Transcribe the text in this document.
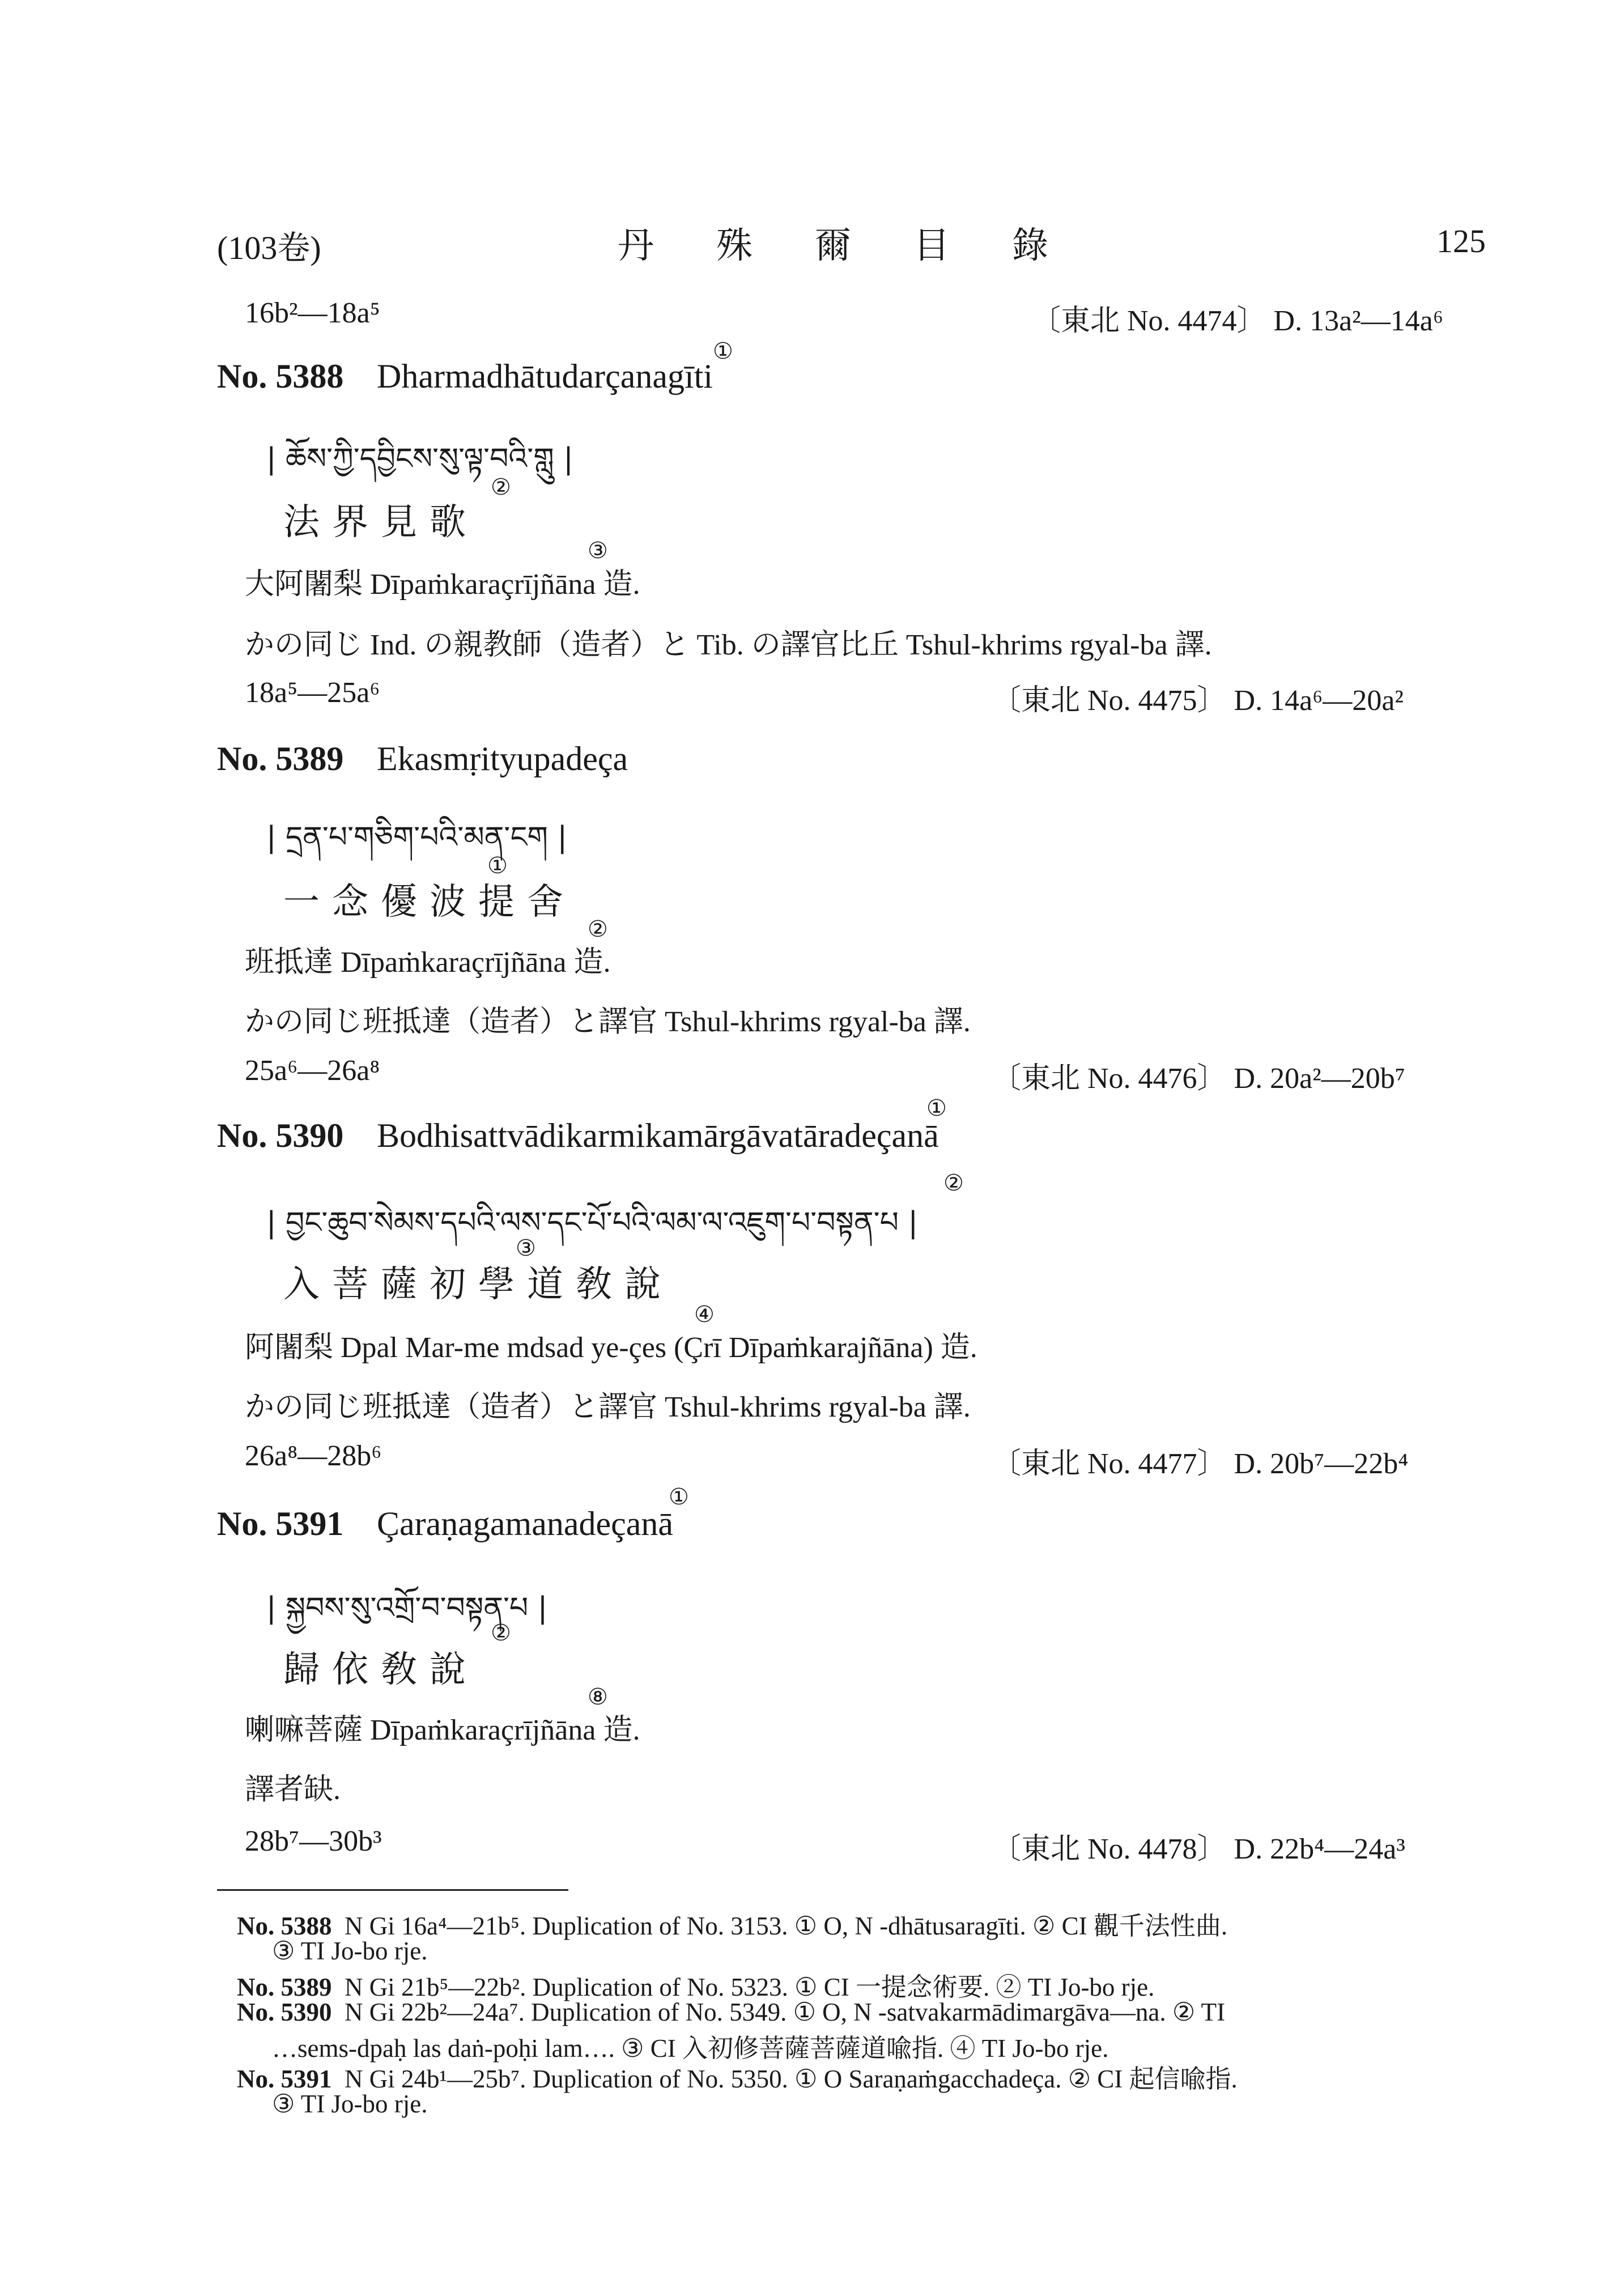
(103卷)	丹殊爾目錄	125
16b²—18a⁵	〔東北 No. 4474〕 D. 13a²—14a⁶
No. 5388 Dharmadhātudarçanagīti
①
| ཆོས་ཀྱི་དབྱིངས་སུ་ལྟ་བའི་གླུ |
法界見歌
②
大阿闍梨 Dīpaṁkaraçrījñāna 造.
③
かの同じ Ind. の親教師（造者）と Tib. の譯官比丘 Tshul-khrims rgyal-ba 譯.
18a⁵—25a⁶	〔東北 No. 4475〕 D. 14a⁶—20a²
No. 5389 Ekasmṛityupadeça
| དྲན་པ་གཅིག་པའི་མན་ངག |
一念優波提舍
①
班抵達 Dīpaṁkaraçrījñāna 造.
②
かの同じ班抵達（造者）と譯官 Tshul-khrims rgyal-ba 譯.
25a⁶—26a⁸	〔東北 No. 4476〕 D. 20a²—20b⁷
No. 5390 Bodhisattvādikarmikamārgāvatāradeçanā
①
| བྱང་ཆུབ་སེམས་དཔའི་ལས་དང་པོ་པའི་ལམ་ལ་འཇུག་པ་བསྟན་པ |
②
入菩薩初學道敎說
③
阿闍梨 Dpal Mar-me mdsad ye-çes (Çrī Dīpaṁkarajñāna) 造.
④
かの同じ班抵達（造者）と譯官 Tshul-khrims rgyal-ba 譯.
26a⁸—28b⁶	〔東北 No. 4477〕 D. 20b⁷—22b⁴
No. 5391 Çaraṇagamanadeçanā
①
| སྐྱབས་སུ་འགྲོ་བ་བསྟན་པ |
歸依敎說
②
喇嘛菩薩 Dīpaṁkaraçrījñāna 造.
⑧
譯者缺.
28b⁷—30b³	〔東北 No. 4478〕 D. 22b⁴—24a³
No. 5388 N Gi 16a⁴—21b⁵. Duplication of No. 3153. ① O, N -dhātusaragīti. ② CI 觀千法性曲.
③ TI Jo-bo rje.
No. 5389 N Gi 21b⁵—22b². Duplication of No. 5323. ① CI 一提念術要. ② TI Jo-bo rje.
No. 5390 N Gi 22b²—24a⁷. Duplication of No. 5349. ① O, N -satvakarmādimargāva—na. ② TI
…sems-dpaḥ las daṅ-poḥi lam…. ③ CI 入初修菩薩菩薩道喩指. ④ TI Jo-bo rje.
No. 5391 N Gi 24b¹—25b⁷. Duplication of No. 5350. ① O Saraṇaṁgacchadeça. ② CI 起信喩指.
③ TI Jo-bo rje.
